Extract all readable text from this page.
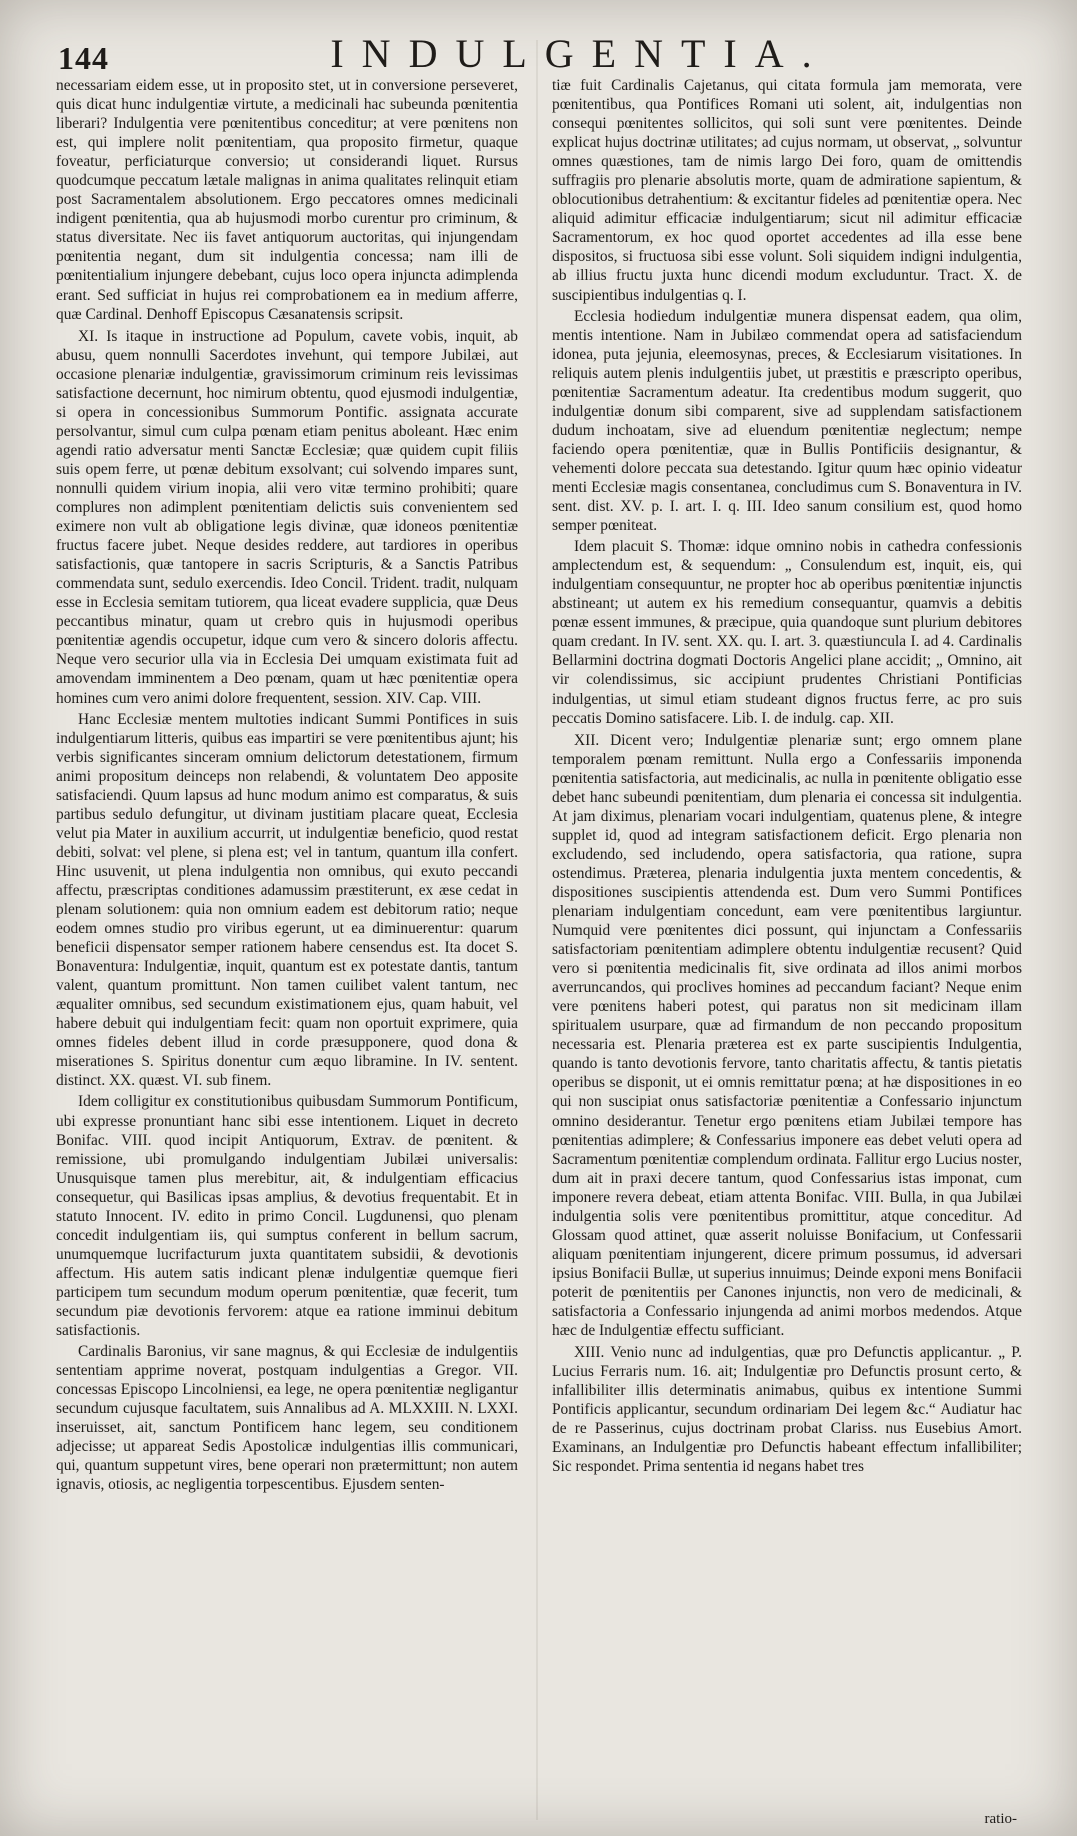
144	INDULGENTIA.

necessariam eidem esse, ut in proposito stet, ut in conversione perseveret, quis dicat hunc indulgentiæ virtute, a medicinali hac subeunda pœnitentia liberari? Indulgentia vere pœnitentibus conceditur; at vere pœnitens non est, qui implere nolit pœnitentiam, qua proposito firmetur, quaque foveatur, perficiaturque conversio; ut considerandi liquet. Rursus quodcumque peccatum lætale malignas in anima qualitates relinquit etiam post Sacramentalem absolutionem. Ergo peccatores omnes medicinali indigent pœnitentia, qua ab hujusmodi morbo curentur pro criminum, & status diversitate. Nec iis favet antiquorum auctoritas, qui injungendam pœnitentia negant, dum sit indulgentia concessa; nam illi de pœnitentialium injungere debebant, cujus loco opera injuncta adimplenda erant. Sed sufficiat in hujus rei comprobationem ea in medium afferre, quæ Cardinal. Denhoff Episcopus Cæsanatensis scripsit.

XI. Is itaque in instructione ad Populum, cavete vobis, inquit, ab abusu, quem nonnulli Sacerdotes invehunt, qui tempore Jubilæi, aut occasione plenariæ indulgentiæ, gravissimorum criminum reis levissimas satisfactione decernunt, hoc nimirum obtentu, quod ejusmodi indulgentiæ, si opera in concessionibus Summorum Pontific. assignata accurate persolvantur, simul cum culpa pœnam etiam penitus aboleant. Hæc enim agendi ratio adversatur menti Sanctæ Ecclesiæ; quæ quidem cupit filiis suis opem ferre, ut pœnæ debitum exsolvant; cui solvendo impares sunt, nonnulli quidem virium inopia, alii vero vitæ termino prohibiti; quare complures non adimplent pœnitentiam delictis suis convenientem sed eximere non vult ab obligatione legis divinæ, quæ idoneos pœnitentiæ fructus facere jubet. Neque desides reddere, aut tardiores in operibus satisfactionis, quæ tantopere in sacris Scripturis, & a Sanctis Patribus commendata sunt, sedulo exercendis. Ideo Concil. Trident. tradit, nulquam esse in Ecclesia semitam tutiorem, qua liceat evadere supplicia, quæ Deus peccantibus minatur, quam ut crebro quis in hujusmodi operibus pœnitentiæ agendis occupetur, idque cum vero & sincero doloris affectu. Neque vero securior ulla via in Ecclesia Dei umquam existimata fuit ad amovendam imminentem a Deo pœnam, quam ut hæc pœnitentiæ opera homines cum vero animi dolore frequentent, session. XIV. Cap. VIII.

Hanc Ecclesiæ mentem multoties indicant Summi Pontifices in suis indulgentiarum litteris, quibus eas impartiri se vere pœnitentibus ajunt; his verbis significantes sinceram omnium delictorum detestationem, firmum animi propositum deinceps non relabendi, & voluntatem Deo apposite satisfaciendi. Quum lapsus ad hunc modum animo est comparatus, & suis partibus sedulo defungitur, ut divinam justitiam placare queat, Ecclesia velut pia Mater in auxilium accurrit, ut indulgentiæ beneficio, quod restat debiti, solvat: vel plene, si plena est; vel in tantum, quantum illa confert. Hinc usuvenit, ut plena indulgentia non omnibus, qui exuto peccandi affectu, præscriptas conditiones adamussim præstiterunt, ex æse cedat in plenam solutionem: quia non omnium eadem est debitorum ratio; neque eodem omnes studio pro viribus egerunt, ut ea diminuerentur: quarum beneficii dispensator semper rationem habere censendus est. Ita docet S. Bonaventura: Indulgentiæ, inquit, quantum est ex potestate dantis, tantum valent, quantum promittunt. Non tamen cuilibet valent tantum, nec æqualiter omnibus, sed secundum existimationem ejus, quam habuit, vel habere debuit qui indulgentiam fecit: quam non oportuit exprimere, quia omnes fideles debent illud in corde præsupponere, quod dona & miserationes S. Spiritus donentur cum æquo libramine. In IV. sentent. distinct. XX. quæst. VI. sub finem.

Idem colligitur ex constitutionibus quibusdam Summorum Pontificum, ubi expresse pronuntiant hanc sibi esse intentionem. Liquet in decreto Bonifac. VIII. quod incipit Antiquorum, Extrav. de pœnitent. & remissione, ubi promulgando indulgentiam Jubilæi universalis: Unusquisque tamen plus merebitur, ait, & indulgentiam efficacius consequetur, qui Basilicas ipsas amplius, & devotius frequentabit. Et in statuto Innocent. IV. edito in primo Concil. Lugdunensi, quo plenam concedit indulgentiam iis, qui sumptus conferent in bellum sacrum, unumquemque lucrifacturum juxta quantitatem subsidii, & devotionis affectum. His autem satis indicant plenæ indulgentiæ quemque fieri participem tum secundum modum operum pœnitentiæ, quæ fecerit, tum secundum piæ devotionis fervorem: atque ea ratione imminui debitum satisfactionis.

Cardinalis Baronius, vir sane magnus, & qui Ecclesiæ de indulgentiis sententiam apprime noverat, postquam indulgentias a Gregor. VII. concessas Episcopo Lincolniensi, ea lege, ne opera pœnitentiæ negligantur secundum cujusque facultatem, suis Annalibus ad A. MLXXIII. N. LXXI. inseruisset, ait, sanctum Pontificem hanc legem, seu conditionem adjecisse; ut appareat Sedis Apostolicæ indulgentias illis communicari, qui, quantum suppetunt vires, bene operari non prætermittunt; non autem ignavis, otiosis, ac negligentia torpescentibus. Ejusdem senten-

tiæ fuit Cardinalis Cajetanus, qui citata formula jam memorata, vere pœnitentibus, qua Pontifices Romani uti solent, ait, indulgentias non consequi pœnitentes sollicitos, qui soli sunt vere pœnitentes. Deinde explicat hujus doctrinæ utilitates; ad cujus normam, ut observat, „ solvuntur omnes quæstiones, tam de nimis largo Dei foro, quam de omittendis suffragiis pro plenarie absolutis morte, quam de admiratione sapientum, & oblocutionibus detrahentium: & excitantur fideles ad pœnitentiæ opera. Nec aliquid adimitur efficaciæ indulgentiarum; sicut nil adimitur efficaciæ Sacramentorum, ex hoc quod oportet accedentes ad illa esse bene dispositos, si fructuosa sibi esse volunt. Soli siquidem indigni indulgentia, ab illius fructu juxta hunc dicendi modum excluduntur. Tract. X. de suscipientibus indulgentias q. I.

Ecclesia hodiedum indulgentiæ munera dispensat eadem, qua olim, mentis intentione. Nam in Jubilæo commendat opera ad satisfaciendum idonea, puta jejunia, eleemosynas, preces, & Ecclesiarum visitationes. In reliquis autem plenis indulgentiis jubet, ut præstitis e præscripto operibus, pœnitentiæ Sacramentum adeatur. Ita credentibus modum suggerit, quo indulgentiæ donum sibi comparent, sive ad supplendam satisfactionem dudum inchoatam, sive ad eluendum pœnitentiæ neglectum; nempe faciendo opera pœnitentiæ, quæ in Bullis Pontificiis designantur, & vehementi dolore peccata sua detestando. Igitur quum hæc opinio videatur menti Ecclesiæ magis consentanea, concludimus cum S. Bonaventura in IV. sent. dist. XV. p. I. art. I. q. III. Ideo sanum consilium est, quod homo semper pœniteat.

Idem placuit S. Thomæ: idque omnino nobis in cathedra confessionis amplectendum est, & sequendum: „ Consulendum est, inquit, eis, qui indulgentiam consequuntur, ne propter hoc ab operibus pœnitentiæ injunctis abstineant; ut autem ex his remedium consequantur, quamvis a debitis pœnæ essent immunes, & præcipue, quia quandoque sunt plurium debitores quam credant. In IV. sent. XX. qu. I. art. 3. quæstiuncula I. ad 4. Cardinalis Bellarmini doctrina dogmati Doctoris Angelici plane accidit; „ Omnino, ait vir colendissimus, sic accipiunt prudentes Christiani Pontificias indulgentias, ut simul etiam studeant dignos fructus ferre, ac pro suis peccatis Domino satisfacere. Lib. I. de indulg. cap. XII.

XII. Dicent vero; Indulgentiæ plenariæ sunt; ergo omnem plane temporalem pœnam remittunt. Nulla ergo a Confessariis imponenda pœnitentia satisfactoria, aut medicinalis, ac nulla in pœnitente obligatio esse debet hanc subeundi pœnitentiam, dum plenaria ei concessa sit indulgentia. At jam diximus, plenariam vocari indulgentiam, quatenus plene, & integre supplet id, quod ad integram satisfactionem deficit. Ergo plenaria non excludendo, sed includendo, opera satisfactoria, qua ratione, supra ostendimus. Præterea, plenaria indulgentia juxta mentem concedentis, & dispositiones suscipientis attendenda est. Dum vero Summi Pontifices plenariam indulgentiam concedunt, eam vere pœnitentibus largiuntur. Numquid vere pœnitentes dici possunt, qui injunctam a Confessariis satisfactoriam pœnitentiam adimplere obtentu indulgentiæ recusent? Quid vero si pœnitentia medicinalis fit, sive ordinata ad illos animi morbos averruncandos, qui proclives homines ad peccandum faciant? Neque enim vere pœnitens haberi potest, qui paratus non sit medicinam illam spiritualem usurpare, quæ ad firmandum de non peccando propositum necessaria est. Plenaria præterea est ex parte suscipientis Indulgentia, quando is tanto devotionis fervore, tanto charitatis affectu, & tantis pietatis operibus se disponit, ut ei omnis remittatur pœna; at hæ dispositiones in eo qui non suscipiat onus satisfactoriæ pœnitentiæ a Confessario injunctum omnino desiderantur. Tenetur ergo pœnitens etiam Jubilæi tempore has pœnitentias adimplere; & Confessarius imponere eas debet veluti opera ad Sacramentum pœnitentiæ complendum ordinata. Fallitur ergo Lucius noster, dum ait in praxi decere tantum, quod Confessarius istas imponat, cum imponere revera debeat, etiam attenta Bonifac. VIII. Bulla, in qua Jubilæi indulgentia solis vere pœnitentibus promittitur, atque conceditur. Ad Glossam quod attinet, quæ asserit noluisse Bonifacium, ut Confessarii aliquam pœnitentiam injungerent, dicere primum possumus, id adversari ipsius Bonifacii Bullæ, ut superius innuimus; Deinde exponi mens Bonifacii poterit de pœnitentiis per Canones injunctis, non vero de medicinali, & satisfactoria a Confessario injungenda ad animi morbos medendos. Atque hæc de Indulgentiæ effectu sufficiant.

XIII. Venio nunc ad indulgentias, quæ pro Defunctis applicantur. „ P. Lucius Ferraris num. 16. ait; Indulgentiæ pro Defunctis prosunt certo, & infallibiliter illis determinatis animabus, quibus ex intentione Summi Pontificis applicantur, secundum ordinariam Dei legem &c.“ Audiatur hac de re Passerinus, cujus doctrinam probat Clariss. nus Eusebius Amort. Examinans, an Indulgentiæ pro Defunctis habeant effectum infallibiliter; Sic respondet. Prima sententia id negans habet tres

ratio-
